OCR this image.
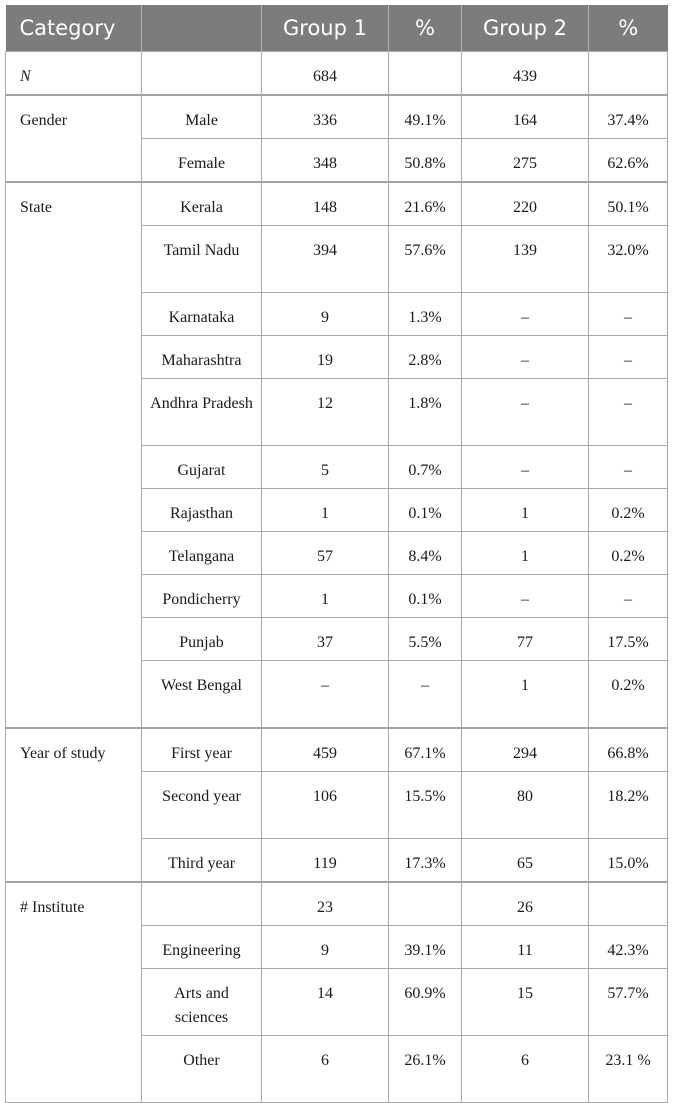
Category		Group 1	%	Group 2	%
N		684		439	
Gender	Male	336	49.1%	164	37.4%
	Female	348	50.8%	275	62.6%
State	Kerala	148	21.6%	220	50.1%
	Tamil Nadu	394	57.6%	139	32.0%
	Karnataka	9	1.3%	–	–
	Maharashtra	19	2.8%	–	–
	Andhra Pradesh	12	1.8%	–	–
	Gujarat	5	0.7%	–	–
	Rajasthan	1	0.1%	1	0.2%
	Telangana	57	8.4%	1	0.2%
	Pondicherry	1	0.1%	–	–
	Punjab	37	5.5%	77	17.5%
	West Bengal	–	–	1	0.2%
Year of study	First year	459	67.1%	294	66.8%
	Second year	106	15.5%	80	18.2%
	Third year	119	17.3%	65	15.0%
# Institute		23		26	
	Engineering	9	39.1%	11	42.3%
	Arts and sciences	14	60.9%	15	57.7%
	Other	6	26.1%	6	23.1 %
